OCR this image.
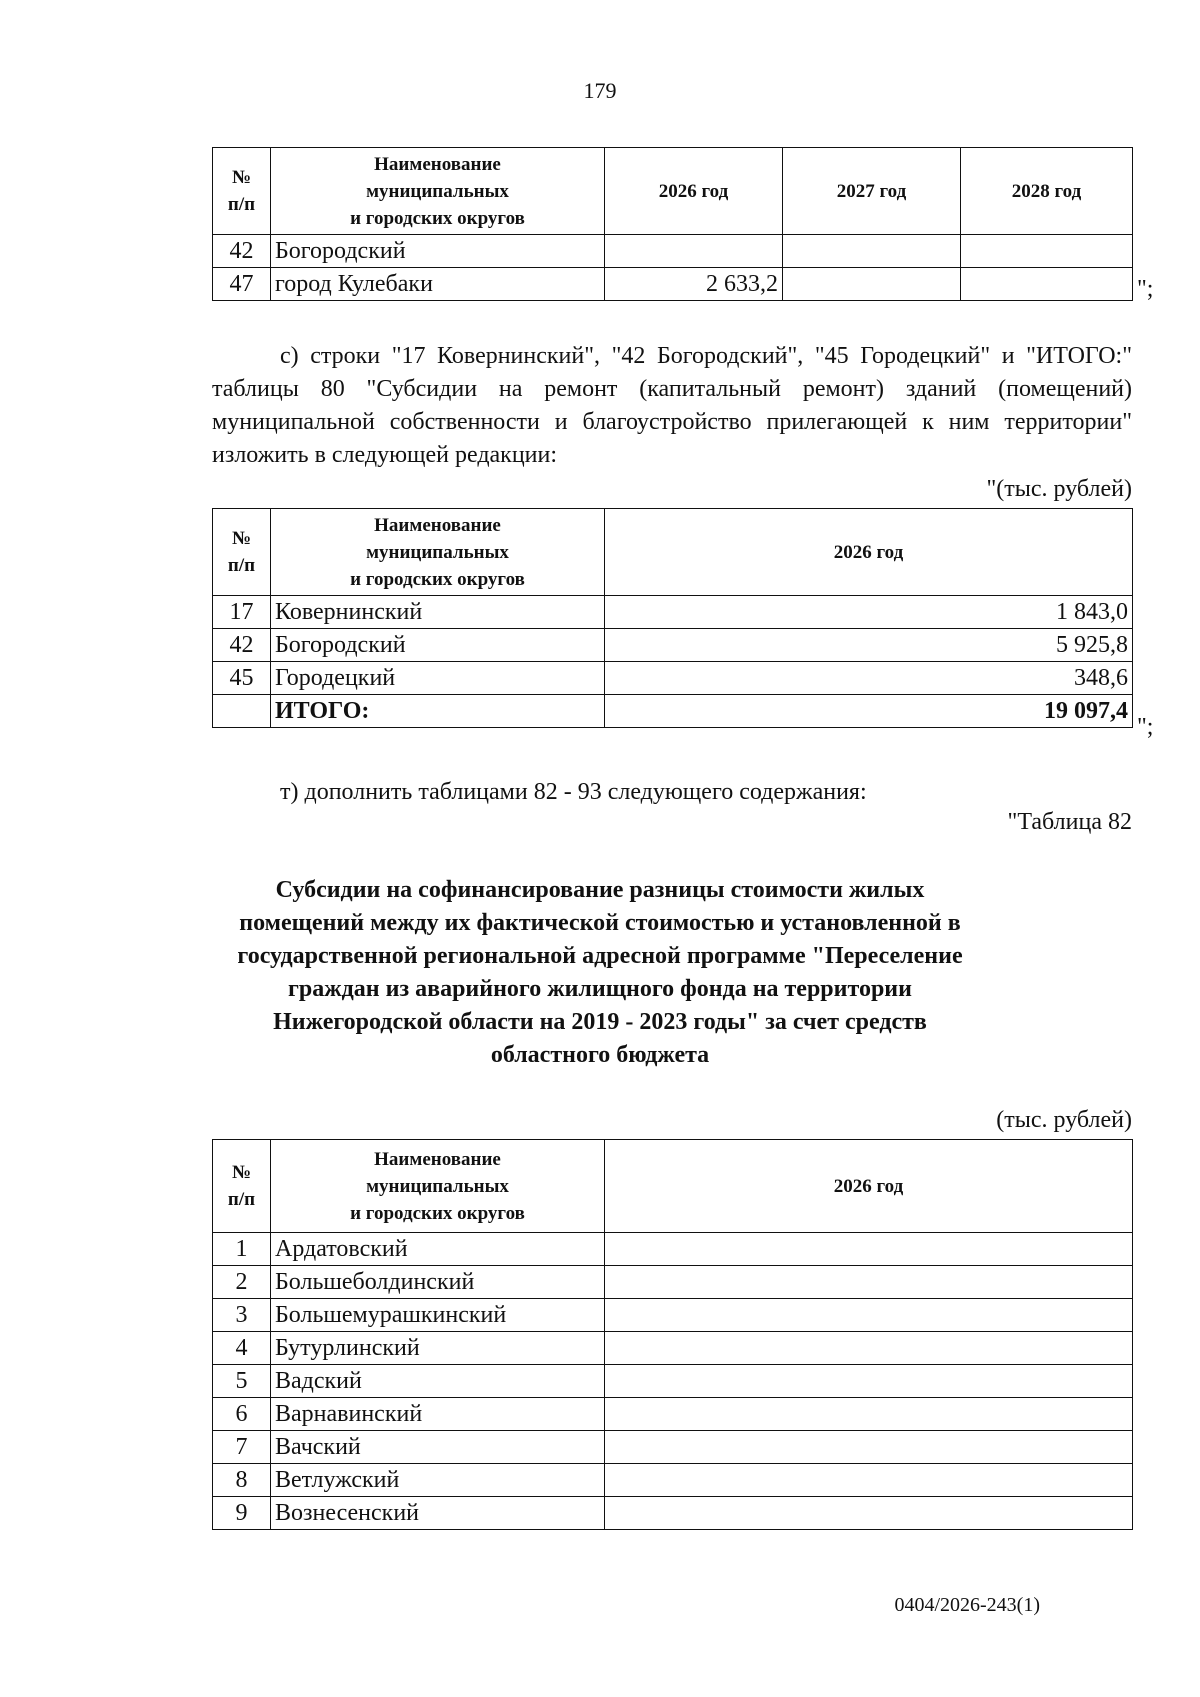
179
№
п/п	Наименование
муниципальных
и городских округов	2026 год	2027 год	2028 год
42	Богородский			
47	город Кулебаки	2 633,2			";
с) строки "17 Ковернинский", "42 Богородский", "45 Городецкий" и "ИТОГО:" таблицы 80 "Субсидии на ремонт (капитальный ремонт) зданий (помещений) муниципальной собственности и благоустройство прилегающей к ним территории" изложить в следующей редакции:
"(тыс. рублей)
№
п/п	Наименование
муниципальных
и городских округов	2026 год
17	Ковернинский	1 843,0
42	Богородский	5 925,8
45	Городецкий	348,6
	ИТОГО:	19 097,4
";
т) дополнить таблицами 82 - 93 следующего содержания:
"Таблица 82
Субсидии на софинансирование разницы стоимости жилых
помещений между их фактической стоимостью и установленной в
государственной региональной адресной программе "Переселение
граждан из аварийного жилищного фонда на территории
Нижегородской области на 2019 - 2023 годы" за счет средств
областного бюджета
(тыс. рублей)
№
п/п	Наименование
муниципальных
и городских округов	2026 год
1	Ардатовский	
2	Большеболдинский	
3	Большемурашкинский	
4	Бутурлинский	
5	Вадский	
6	Варнавинский	
7	Вачский	
8	Ветлужский	
9	Вознесенский	
0404/2026-243(1)
